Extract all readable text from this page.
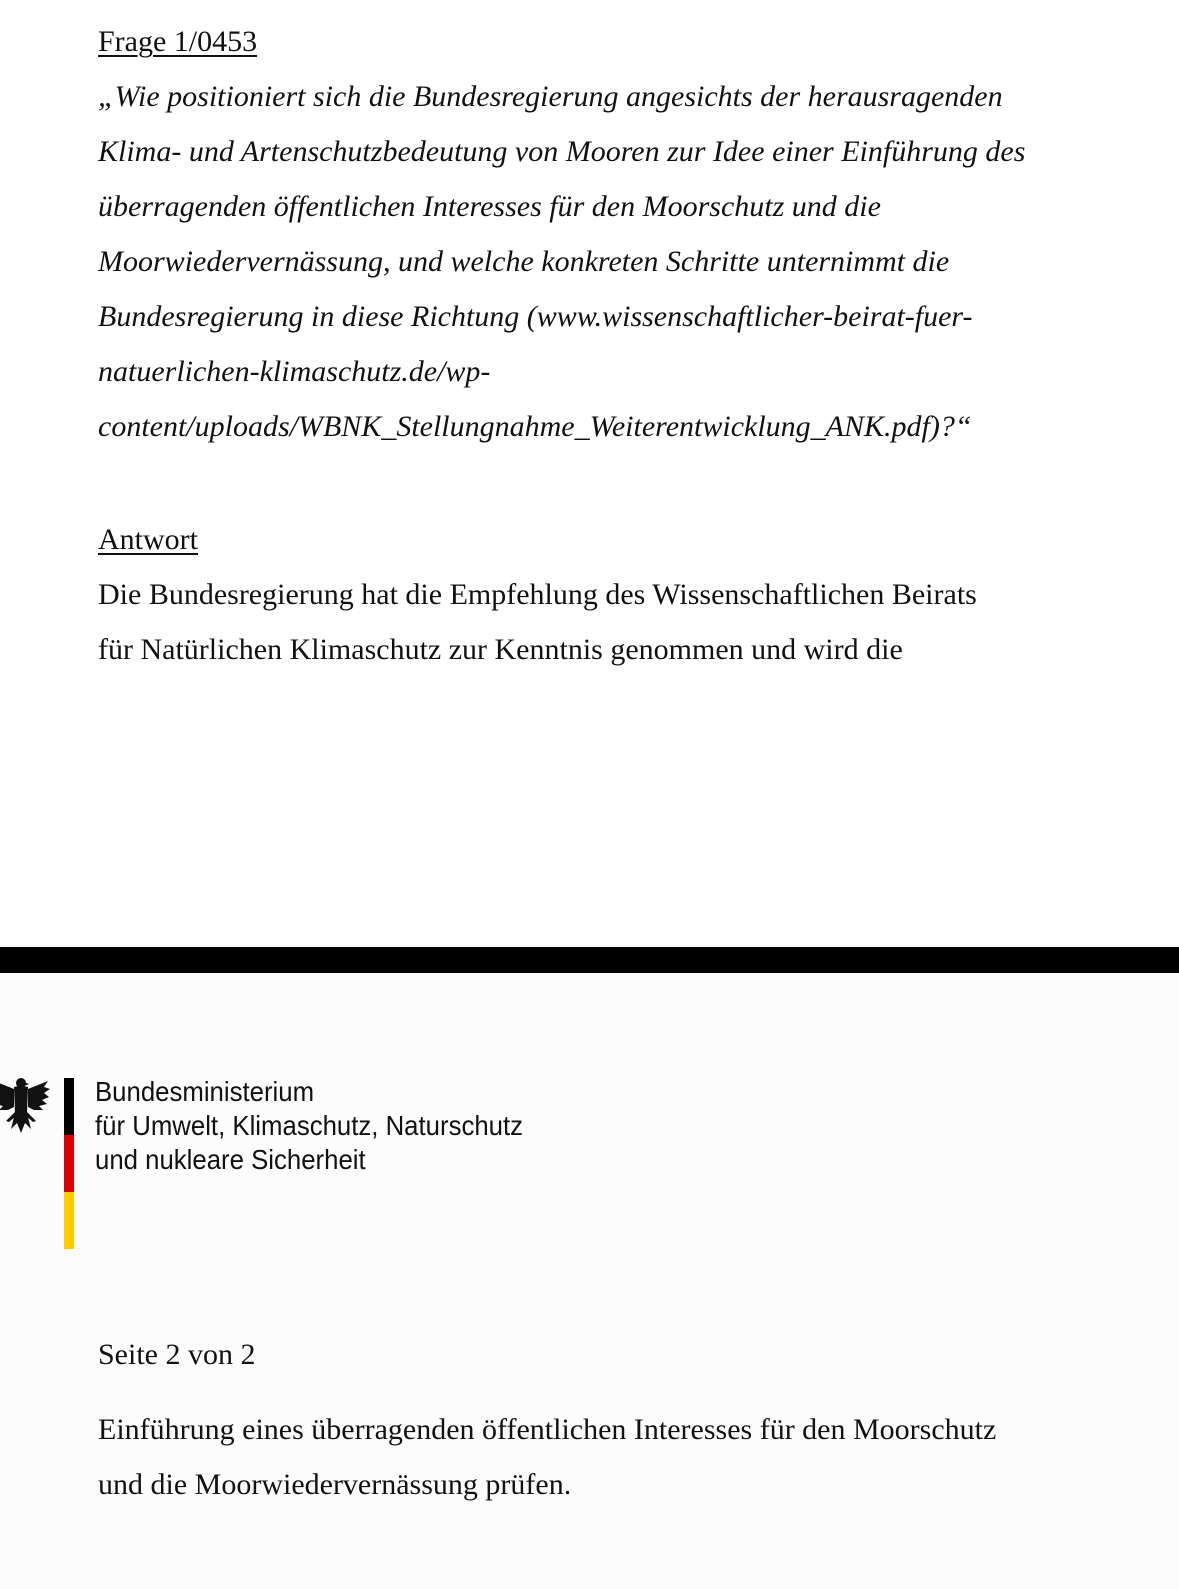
Frage 1/0453

„Wie positioniert sich die Bundesregierung angesichts der herausragenden

Klima- und Artenschutzbedeutung von Mooren zur Idee einer Einführung des

überragenden öffentlichen Interesses für den Moorschutz und die

Moorwiedervernässung, und welche konkreten Schritte unternimmt die

Bundesregierung in diese Richtung (www.wissenschaftlicher-beirat-fuer-

natuerlichen-klimaschutz.de/wp-

content/uploads/WBNK_Stellungnahme_Weiterentwicklung_ANK.pdf)?“

Antwort

Die Bundesregierung hat die Empfehlung des Wissenschaftlichen Beirats

für Natürlichen Klimaschutz zur Kenntnis genommen und wird die

Bundesministerium
für Umwelt, Klimaschutz, Naturschutz
und nukleare Sicherheit

Seite 2 von 2

Einführung eines überragenden öffentlichen Interesses für den Moorschutz

und die Moorwiedervernässung prüfen.
